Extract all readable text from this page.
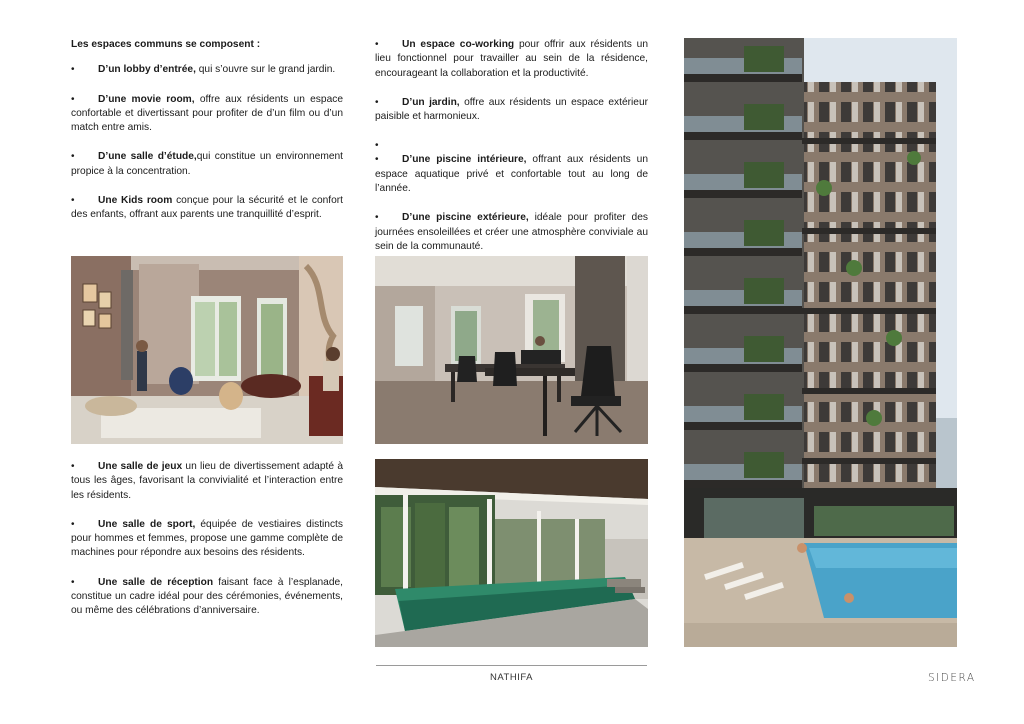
Les espaces communs se composent :
•	D’un lobby d’entrée, qui s’ouvre sur le grand jardin.
•	D’une movie room, offre aux résidents un espace confortable et divertissant pour profiter de d’un film ou d’un match entre amis.
•	D’une salle d’étude,qui constitue un environnement propice à la concentration.
•	Une Kids room conçue pour la sécurité et le confort des enfants, offrant aux parents une tranquillité d’esprit.
•	Un espace co-working pour offrir aux résidents un lieu fonctionnel pour travailler au sein de la résidence, encourageant la collaboration et la productivité.
•	D’un jardin, offre aux résidents un espace extérieur paisible et harmonieux.
•
•	D’une piscine intérieure, offrant aux résidents un espace aquatique privé et confortable tout au long de l’année.
•	D’une piscine extérieure, idéale pour profiter des journées ensoleillées et créer une atmosphère conviviale au sein de la communauté.
•	Une salle de jeux un lieu de divertissement adapté à tous les âges, favorisant la convivialité et l’interaction entre les résidents.
•	Une salle de sport, équipée de vestiaires distincts pour hommes et femmes, propose une gamme complète de machines pour répondre aux besoins des résidents.
•	Une salle de réception faisant face à l’esplanade, constitue un cadre idéal pour des cérémonies, événements, ou même des célébrations d’anniversaire.
NATHIFA	SIDERA
